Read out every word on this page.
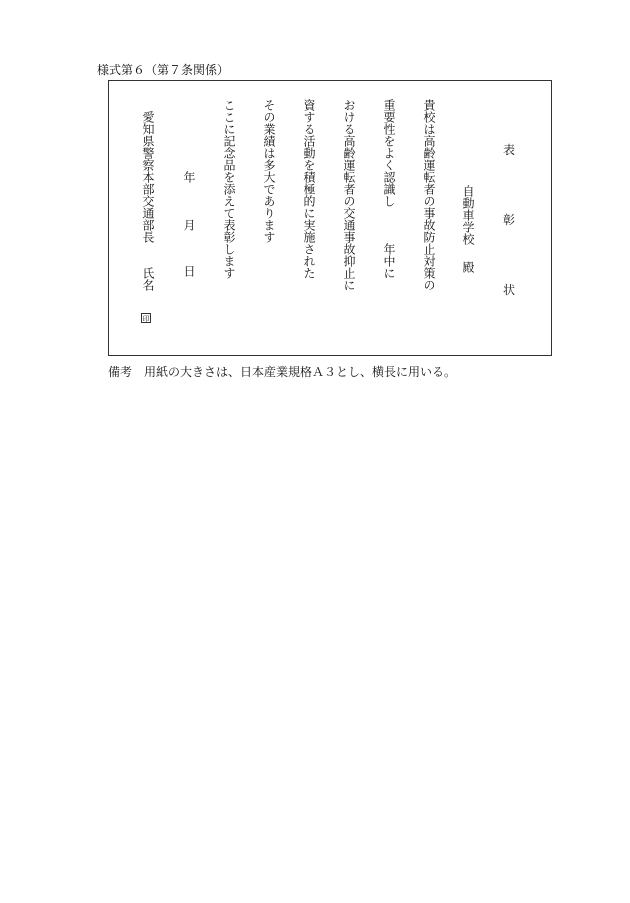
様式第６（第７条関係）
表
彰
状
自動車学校
殿
貴校は高齢運転者の事故防止対策の
重要性をよく認識し　　　年中に
おける高齢運転者の交通事故抑止に
資する活動を積極的に実施された
その業績は多大であります
ここに記念品を添えて表彰します
年
月
日
愛知県警察本部交通部長
氏名
印
備考 用紙の大きさは、日本産業規格Ａ３とし、横長に用いる。
